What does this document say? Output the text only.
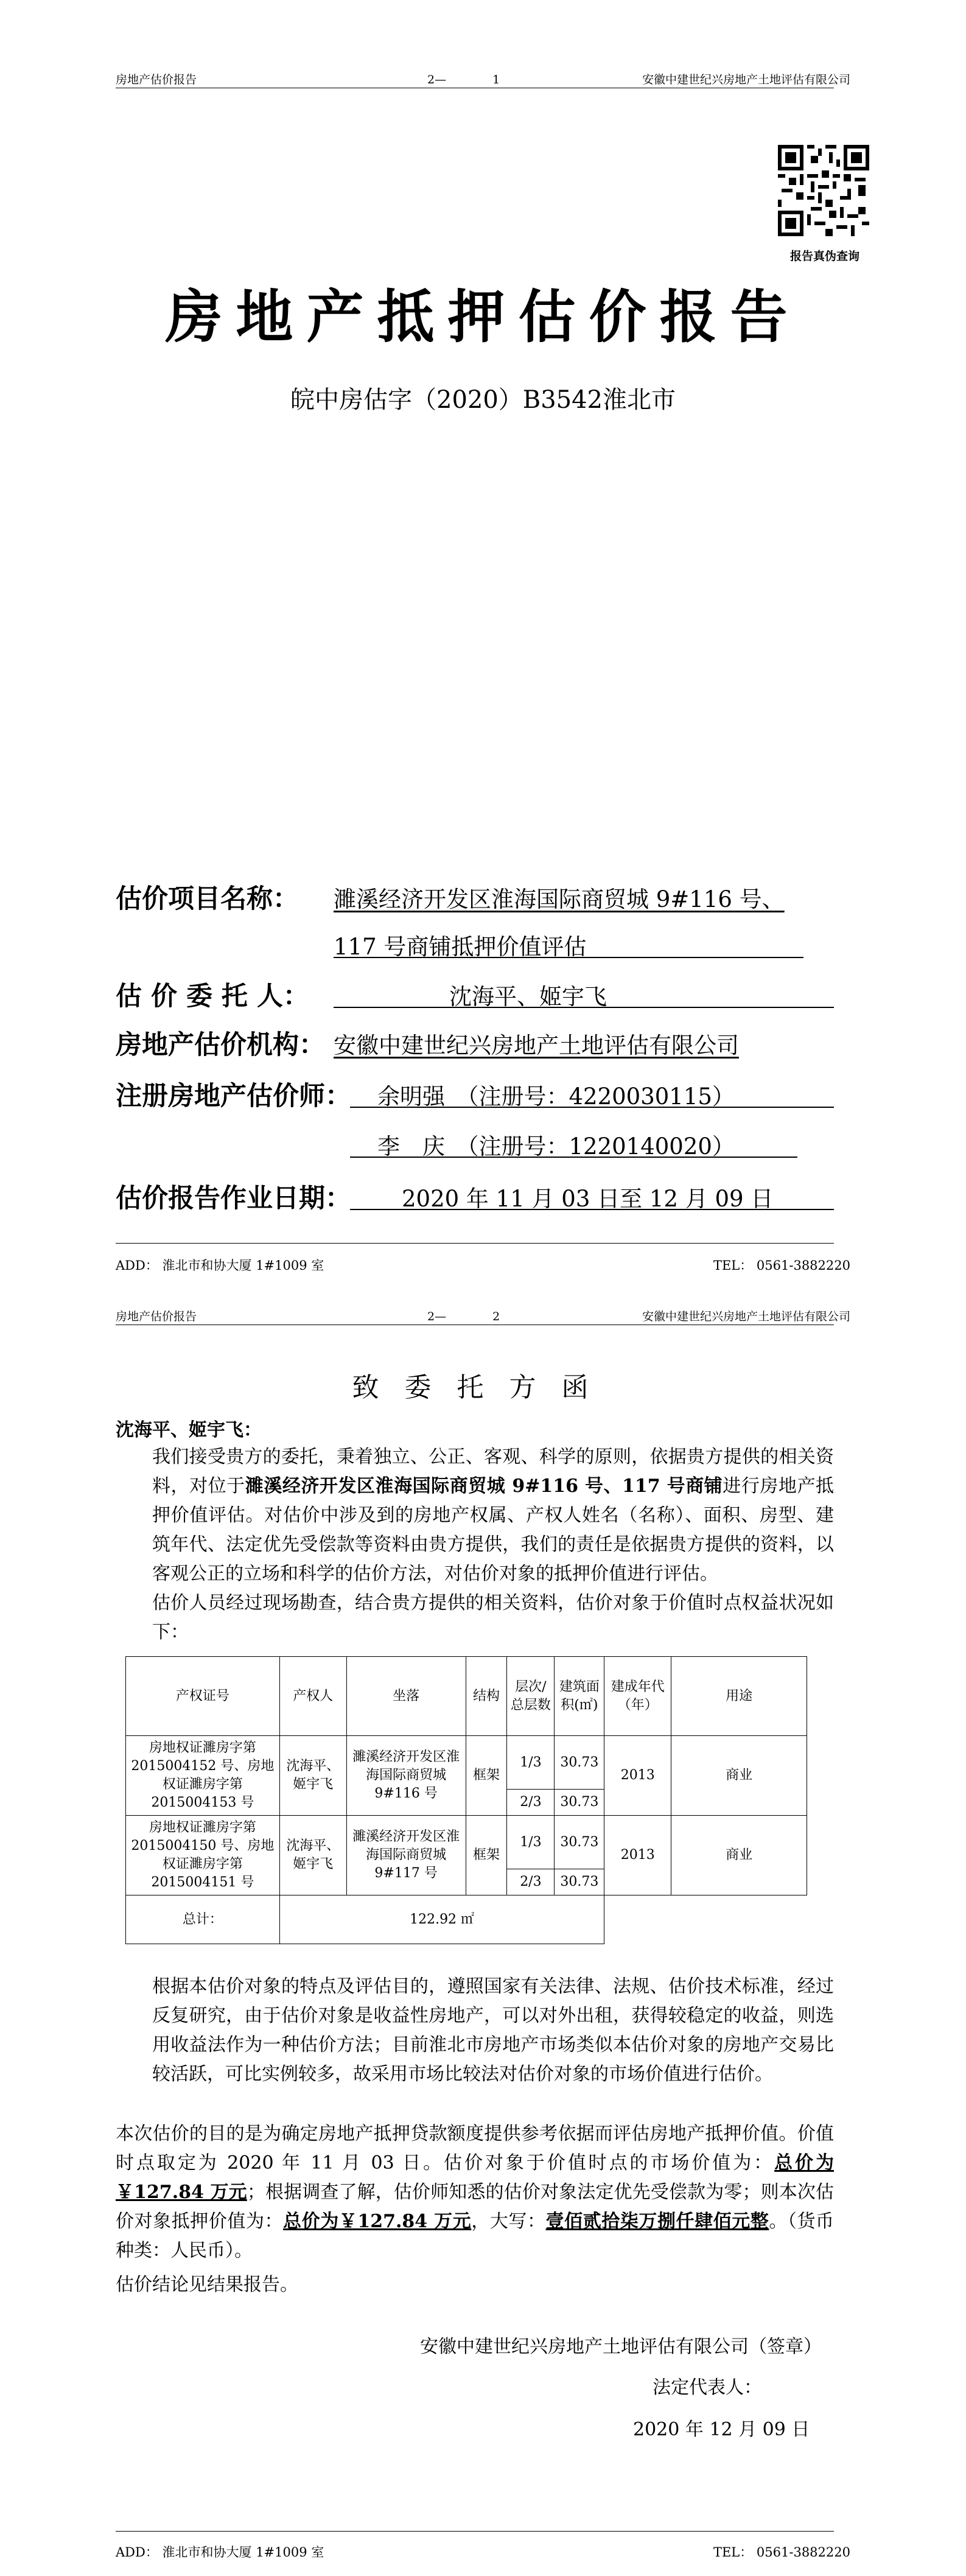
房地产估价报告	2—　　　　1	安徽中建世纪兴房地产土地评估有限公司
报告真伪查询
房地产抵押估价报告
皖中房估字（2020）B3542淮北市
估价项目名称： 濉溪经济开发区淮海国际商贸城 9#116 号、
117 号商铺抵押价值评估
估 价 委 托 人：	沈海平、姬宇飞
房地产估价机构： 安徽中建世纪兴房地产土地评估有限公司
注册房地产估价师： 余明强　（注册号：4220030115）
李　庆　（注册号：1220140020）
估价报告作业日期： 2020 年 11 月 03 日至 12 月 09 日
ADD： 淮北市和协大厦 1#1009 室	TEL： 0561-3882220
房地产估价报告	2—　　　　2	安徽中建世纪兴房地产土地评估有限公司
致委托方函
沈海平、姬宇飞：
我们接受贵方的委托，秉着独立、公正、客观、科学的原则，依据贵方提供的相关资料，对位于濉溪经济开发区淮海国际商贸城 9#116 号、117 号商铺进行房地产抵押价值评估。对估价中涉及到的房地产权属、产权人姓名（名称）、面积、房型、建筑年代、法定优先受偿款等资料由贵方提供，我们的责任是依据贵方提供的资料，以客观公正的立场和科学的估价方法，对估价对象的抵押价值进行评估。
估价人员经过现场勘查，结合贵方提供的相关资料，估价对象于价值时点权益状况如下：
产权证号	产权人	坐落	结构	层次/总层数	建筑面积(㎡)	建成年代（年）	用途
房地权证濉房字第2015004152 号、房地权证濉房字第2015004153 号	沈海平、姬宇飞	濉溪经济开发区淮海国际商贸城9#116 号	框架	1/3	30.73	2013	商业
				2/3	30.73		
房地权证濉房字第2015004150 号、房地权证濉房字第2015004151 号	沈海平、姬宇飞	濉溪经济开发区淮海国际商贸城9#117 号	框架	1/3	30.73	2013	商业
				2/3	30.73		
总计：	122.92 ㎡						
根据本估价对象的特点及评估目的，遵照国家有关法律、法规、估价技术标准，经过反复研究，由于估价对象是收益性房地产，可以对外出租，获得较稳定的收益，则选用收益法作为一种估价方法；目前淮北市房地产市场类似本估价对象的房地产交易比较活跃，可比实例较多，故采用市场比较法对估价对象的市场价值进行估价。
本次估价的目的是为确定房地产抵押贷款额度提供参考依据而评估房地产抵押价值。价值时点取定为 2020 年 11 月 03 日。估价对象于价值时点的市场价值为：总价为￥127.84 万元；根据调查了解，估价师知悉的估价对象法定优先受偿款为零；则本次估价对象抵押价值为：总价为￥127.84 万元，大写：壹佰贰拾柒万捌仟肆佰元整。（货币种类：人民币）。
估价结论见结果报告。
安徽中建世纪兴房地产土地评估有限公司（签章）
法定代表人：
2020 年 12 月 09 日
ADD： 淮北市和协大厦 1#1009 室	TEL： 0561-3882220
